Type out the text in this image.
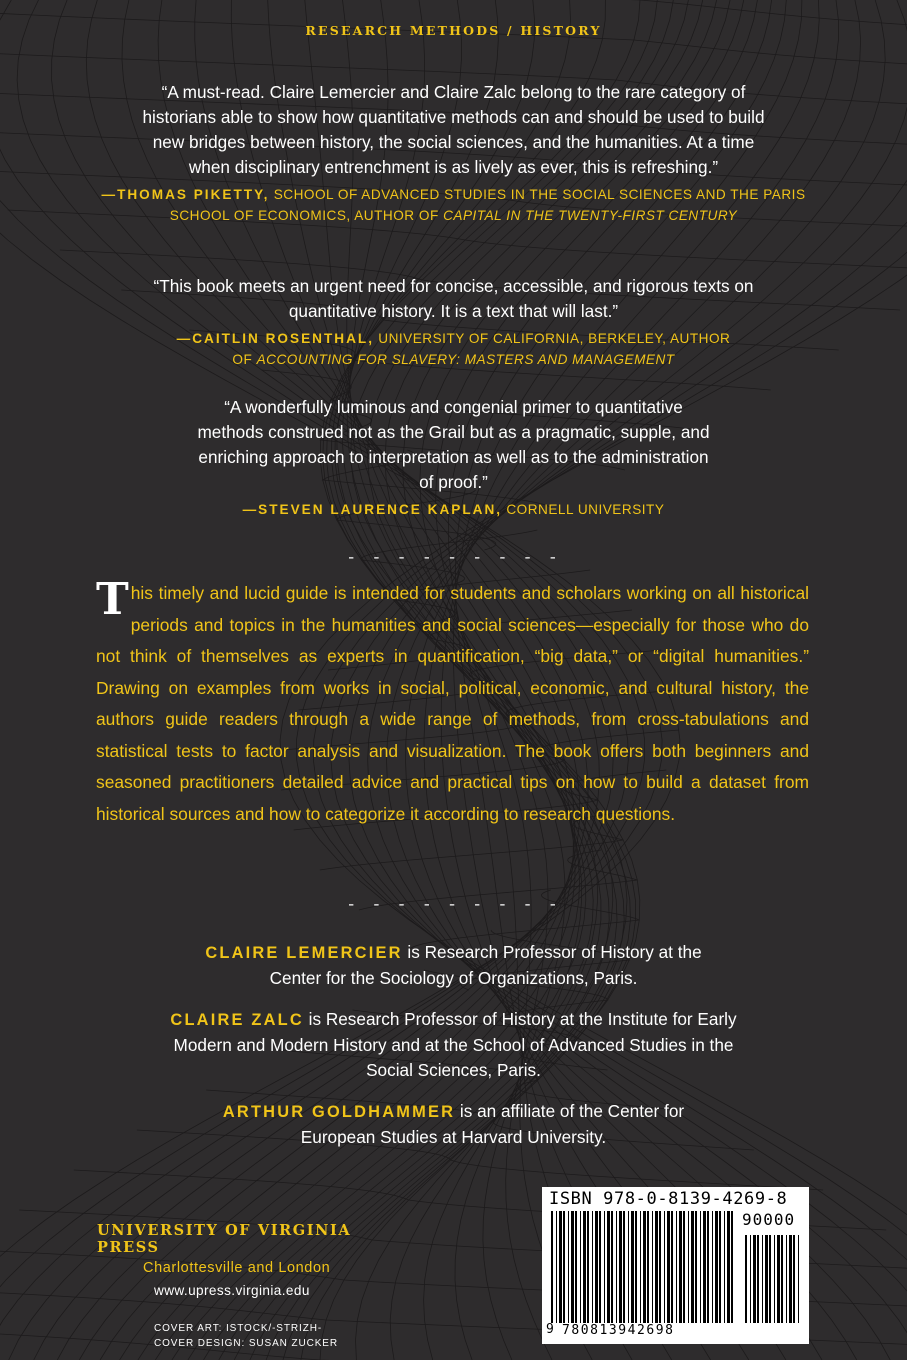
RESEARCH METHODS / HISTORY
“A must-read. Claire Lemercier and Claire Zalc belong to the rare category of historians able to show how quantitative methods can and should be used to build new bridges between history, the social sciences, and the humanities. At a time when disciplinary entrenchment is as lively as ever, this is refreshing.”
—THOMAS PIKETTY, SCHOOL OF ADVANCED STUDIES IN THE SOCIAL SCIENCES AND THE PARIS SCHOOL OF ECONOMICS, AUTHOR OF CAPITAL IN THE TWENTY-FIRST CENTURY
“This book meets an urgent need for concise, accessible, and rigorous texts on quantitative history. It is a text that will last.”
—CAITLIN ROSENTHAL, UNIVERSITY OF CALIFORNIA, BERKELEY, AUTHOR OF ACCOUNTING FOR SLAVERY: MASTERS AND MANAGEMENT
“A wonderfully luminous and congenial primer to quantitative methods construed not as the Grail but as a pragmatic, supple, and enriching approach to interpretation as well as to the administration of proof.”
—STEVEN LAURENCE KAPLAN, CORNELL UNIVERSITY
- - - - - - - - -
This timely and lucid guide is intended for students and scholars working on all historical periods and topics in the humanities and social sciences—especially for those who do not think of themselves as experts in quantification, “big data,” or “digital humanities.” Drawing on examples from works in social, political, economic, and cultural history, the authors guide readers through a wide range of methods, from cross-tabulations and statistical tests to factor analysis and visualization. The book offers both beginners and seasoned practitioners detailed advice and practical tips on how to build a dataset from historical sources and how to categorize it according to research questions.
- - - - - - - - -
CLAIRE LEMERCIER is Research Professor of History at the Center for the Sociology of Organizations, Paris.
CLAIRE ZALC is Research Professor of History at the Institute for Early Modern and Modern History and at the School of Advanced Studies in the Social Sciences, Paris.
ARTHUR GOLDHAMMER is an affiliate of the Center for European Studies at Harvard University.
UNIVERSITY OF VIRGINIA PRESS
Charlottesville and London
www.upress.virginia.edu
COVER ART: ISTOCK/-STRIZH-
COVER DESIGN: SUSAN ZUCKER
ISBN 978-0-8139-4269-8
90000
9 780813942698
